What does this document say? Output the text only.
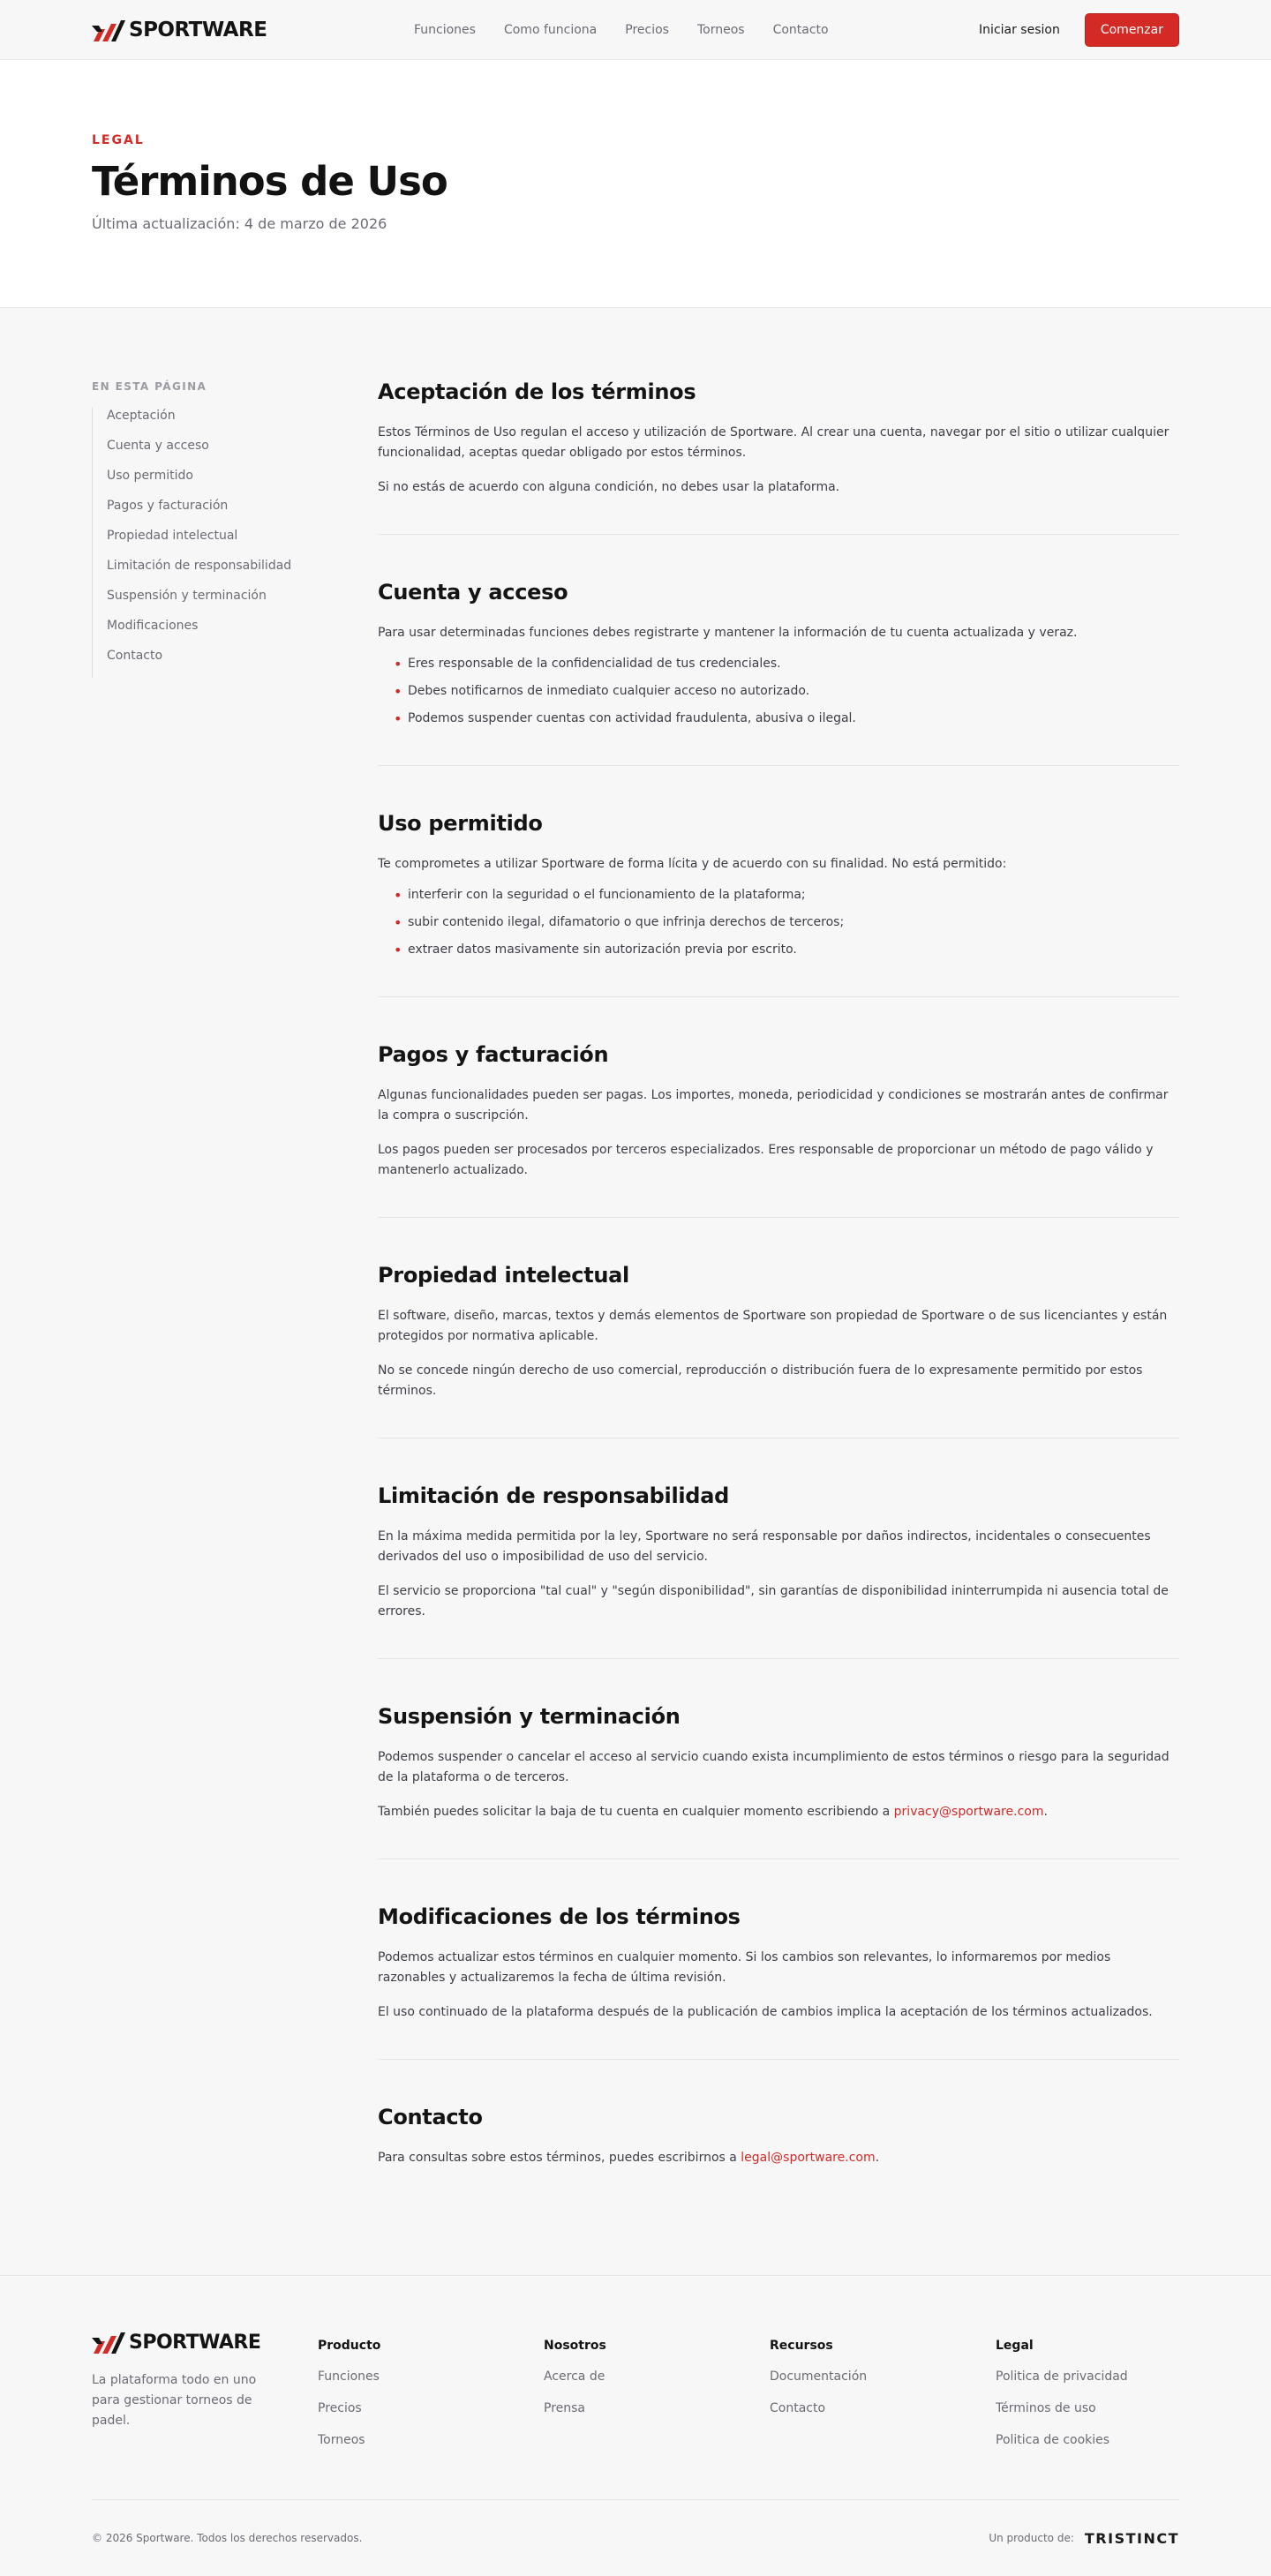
SPORTWARE	Funciones Como funciona Precios Torneos Contacto	Iniciar sesion	Comenzar
LEGAL
Términos de Uso
Última actualización: 4 de marzo de 2026
EN ESTA PÁGINA
Aceptación
Cuenta y acceso
Uso permitido
Pagos y facturación
Propiedad intelectual
Limitación de responsabilidad
Suspensión y terminación
Modificaciones
Contacto
Aceptación de los términos

Estos Términos de Uso regulan el acceso y utilización de Sportware. Al crear una cuenta, navegar por el sitio o utilizar cualquier funcionalidad, aceptas quedar obligado por estos términos.

Si no estás de acuerdo con alguna condición, no debes usar la plataforma.

Cuenta y acceso

Para usar determinadas funciones debes registrarte y mantener la información de tu cuenta actualizada y veraz.

• Eres responsable de la confidencialidad de tus credenciales.
• Debes notificarnos de inmediato cualquier acceso no autorizado.
• Podemos suspender cuentas con actividad fraudulenta, abusiva o ilegal.
Uso permitido

Te comprometes a utilizar Sportware de forma lícita y de acuerdo con su finalidad. No está permitido:

• interferir con la seguridad o el funcionamiento de la plataforma;
• subir contenido ilegal, difamatorio o que infrinja derechos de terceros;
• extraer datos masivamente sin autorización previa por escrito.
Pagos y facturación

Algunas funcionalidades pueden ser pagas. Los importes, moneda, periodicidad y condiciones se mostrarán antes de confirmar la compra o suscripción.

Los pagos pueden ser procesados por terceros especializados. Eres responsable de proporcionar un método de pago válido y mantenerlo actualizado.

Propiedad intelectual

El software, diseño, marcas, textos y demás elementos de Sportware son propiedad de Sportware o de sus licenciantes y están protegidos por normativa aplicable.

No se concede ningún derecho de uso comercial, reproducción o distribución fuera de lo expresamente permitido por estos términos.

Limitación de responsabilidad

En la máxima medida permitida por la ley, Sportware no será responsable por daños indirectos, incidentales o consecuentes derivados del uso o imposibilidad de uso del servicio.

El servicio se proporciona "tal cual" y "según disponibilidad", sin garantías de disponibilidad ininterrumpida ni ausencia total de errores.

Suspensión y terminación

Podemos suspender o cancelar el acceso al servicio cuando exista incumplimiento de estos términos o riesgo para la seguridad de la plataforma o de terceros.

También puedes solicitar la baja de tu cuenta en cualquier momento escribiendo a privacy@sportware.com.

Modificaciones de los términos

Podemos actualizar estos términos en cualquier momento. Si los cambios son relevantes, lo informaremos por medios razonables y actualizaremos la fecha de última revisión.

El uso continuado de la plataforma después de la publicación de cambios implica la aceptación de los términos actualizados.

Contacto

Para consultas sobre estos términos, puedes escribirnos a legal@sportware.com.

SPORTWARE
La plataforma todo en uno para gestionar torneos de padel.
Producto
Funciones
Precios
Torneos
Nosotros
Acerca de
Prensa
Recursos
Documentación
Contacto
Legal
Politica de privacidad
Términos de uso
Politica de cookies
© 2026 Sportware. Todos los derechos reservados.	Un producto de: TRISTINCT
